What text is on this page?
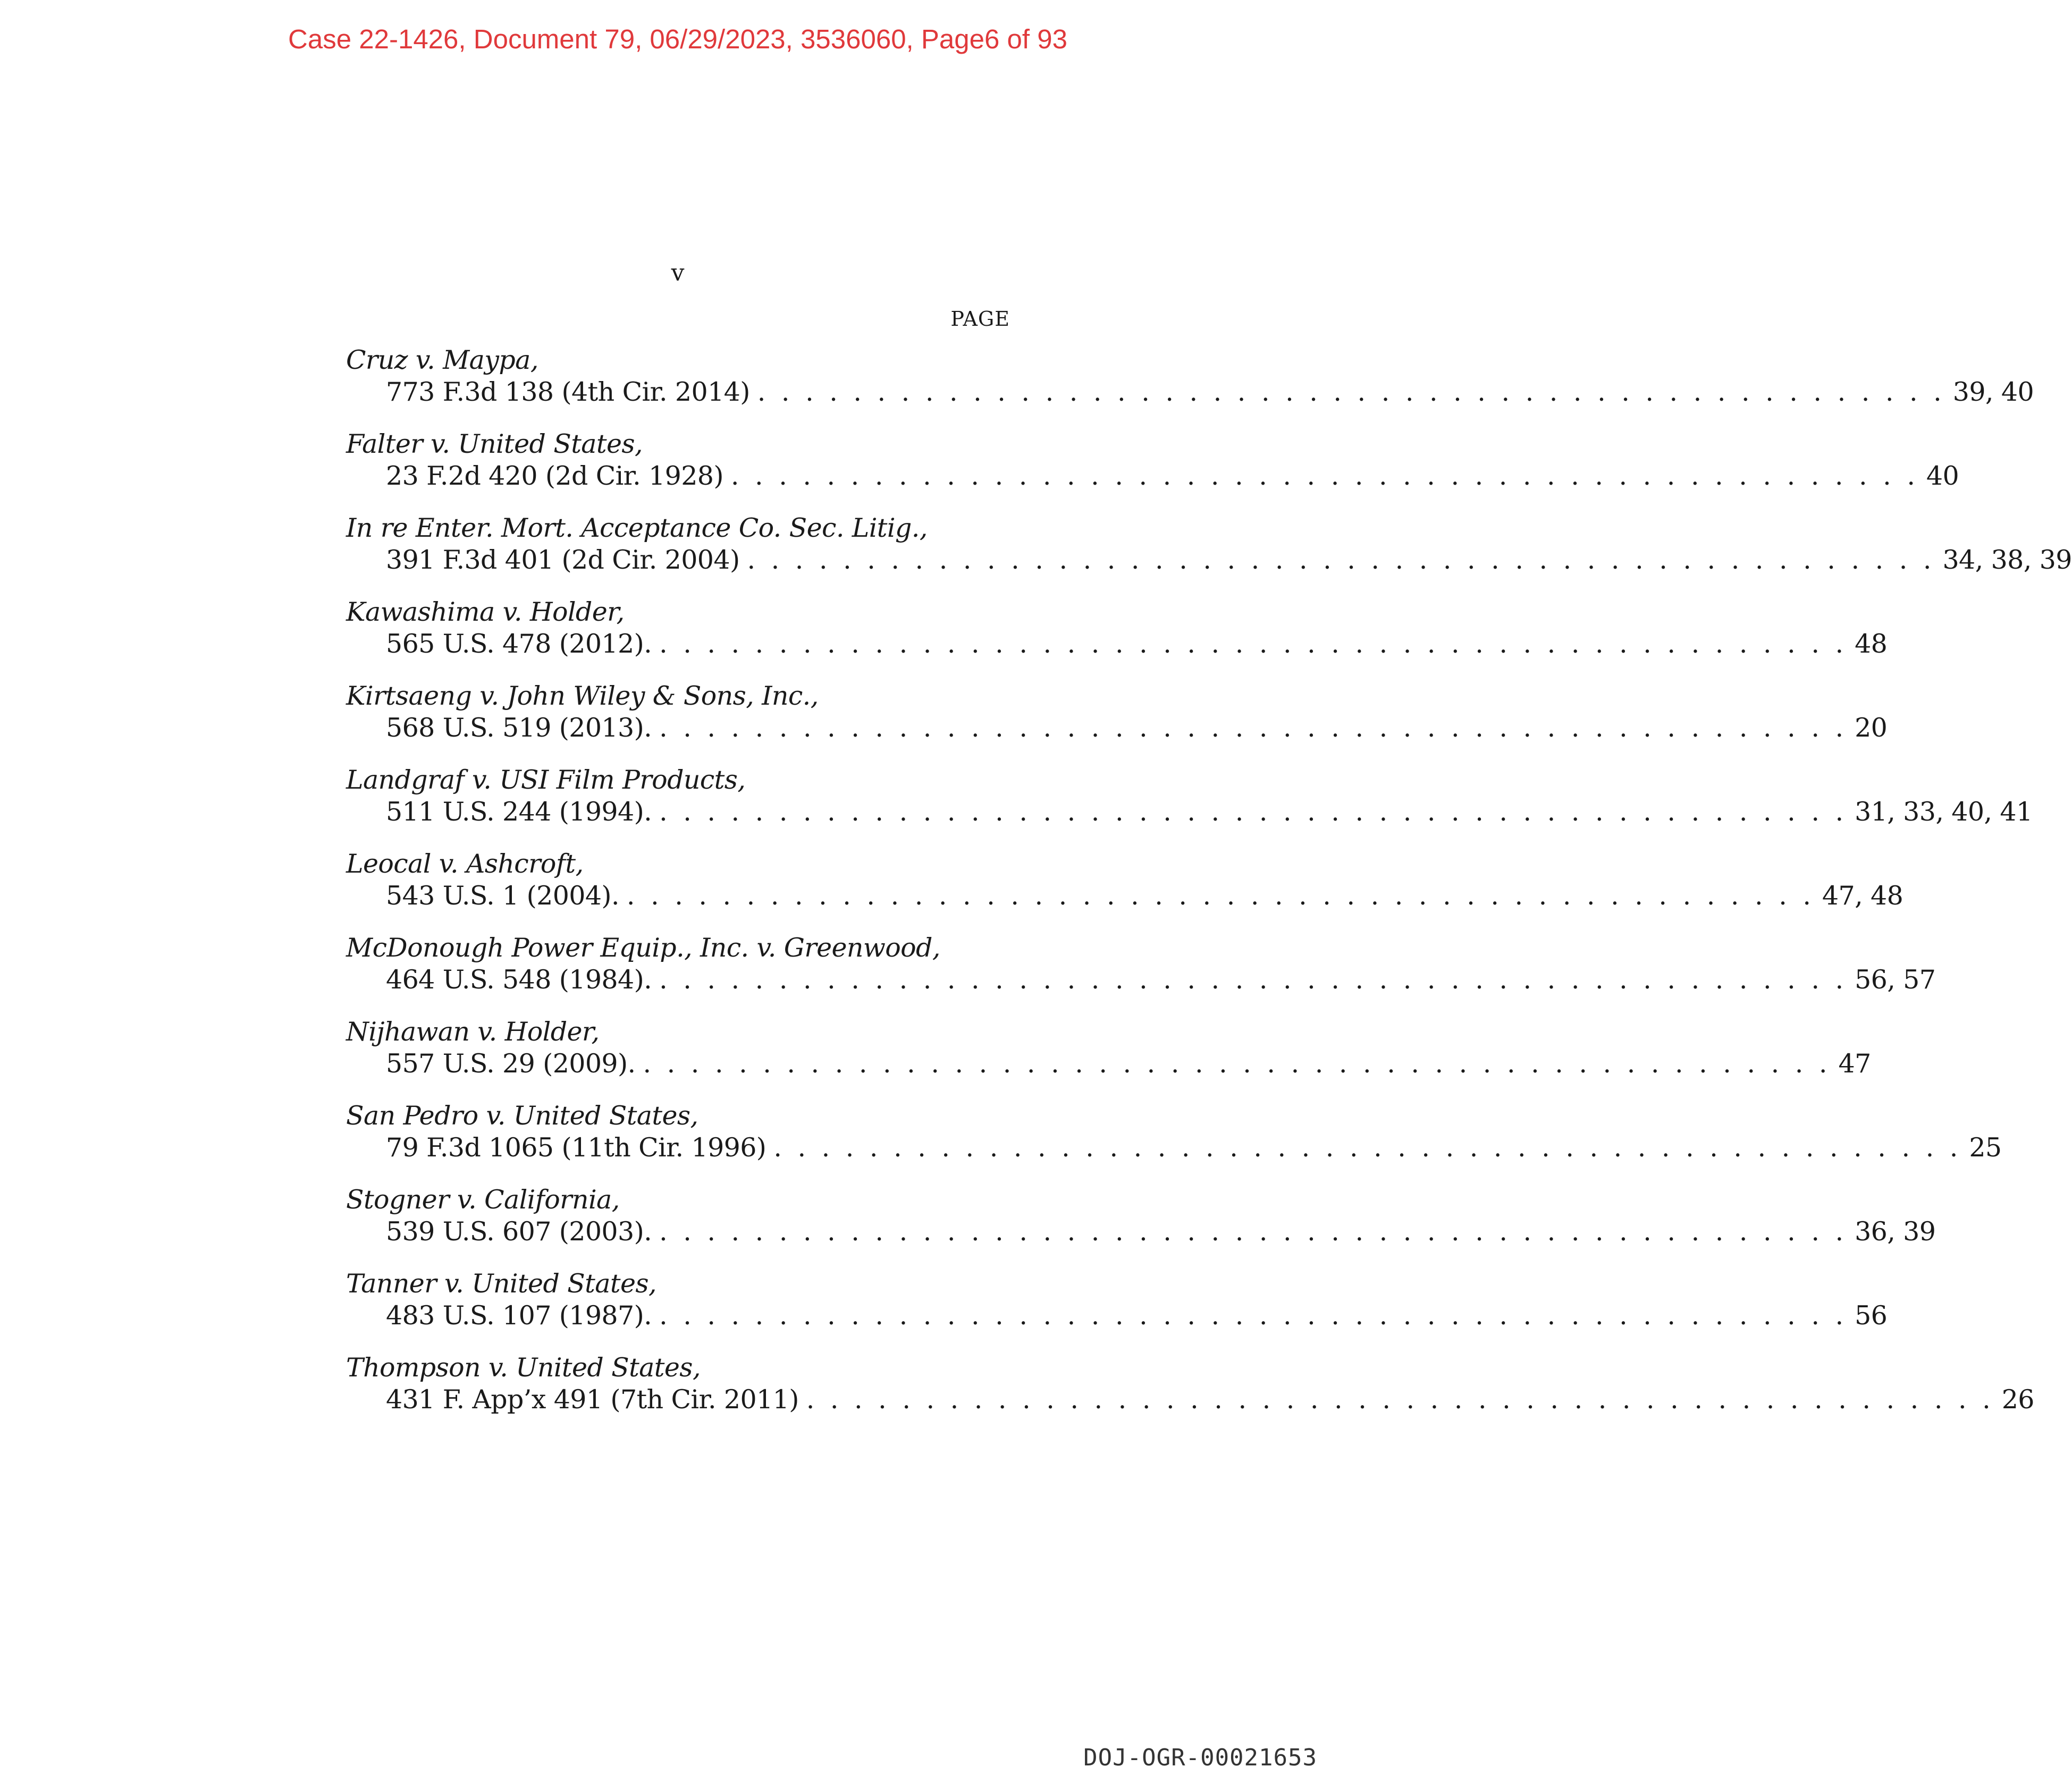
Case 22-1426, Document 79, 06/29/2023, 3536060, Page6 of 93
v
PAGE
Cruz v. Maypa,
773 F.3d 138 (4th Cir. 2014) . . . . . . . . . . . . . . . . . . . . . . . . . . . . . . . . . . . . . . . . . . . . . . . . . . 39, 40
Falter v. United States,
23 F.2d 420 (2d Cir. 1928) . . . . . . . . . . . . . . . . . . . . . . . . . . . . . . . . . . . . . . . . . . . . . . . . . . 40
In re Enter. Mort. Acceptance Co. Sec. Litig.,
391 F.3d 401 (2d Cir. 2004) . . . . . . . . . . . . . . . . . . . . . . . . . . . . . . . . . . . . . . . . . . . . . . . . . . 34, 38, 39
Kawashima v. Holder,
565 U.S. 478 (2012). . . . . . . . . . . . . . . . . . . . . . . . . . . . . . . . . . . . . . . . . . . . . . . . . . . 48
Kirtsaeng v. John Wiley & Sons, Inc.,
568 U.S. 519 (2013). . . . . . . . . . . . . . . . . . . . . . . . . . . . . . . . . . . . . . . . . . . . . . . . . . . 20
Landgraf v. USI Film Products,
511 U.S. 244 (1994). . . . . . . . . . . . . . . . . . . . . . . . . . . . . . . . . . . . . . . . . . . . . . . . . . . 31, 33, 40, 41
Leocal v. Ashcroft,
543 U.S. 1 (2004). . . . . . . . . . . . . . . . . . . . . . . . . . . . . . . . . . . . . . . . . . . . . . . . . . . 47, 48
McDonough Power Equip., Inc. v. Greenwood,
464 U.S. 548 (1984). . . . . . . . . . . . . . . . . . . . . . . . . . . . . . . . . . . . . . . . . . . . . . . . . . . 56, 57
Nijhawan v. Holder,
557 U.S. 29 (2009). . . . . . . . . . . . . . . . . . . . . . . . . . . . . . . . . . . . . . . . . . . . . . . . . . . 47
San Pedro v. United States,
79 F.3d 1065 (11th Cir. 1996) . . . . . . . . . . . . . . . . . . . . . . . . . . . . . . . . . . . . . . . . . . . . . . . . . . 25
Stogner v. California,
539 U.S. 607 (2003). . . . . . . . . . . . . . . . . . . . . . . . . . . . . . . . . . . . . . . . . . . . . . . . . . . 36, 39
Tanner v. United States,
483 U.S. 107 (1987). . . . . . . . . . . . . . . . . . . . . . . . . . . . . . . . . . . . . . . . . . . . . . . . . . . 56
Thompson v. United States,
431 F. App’x 491 (7th Cir. 2011) . . . . . . . . . . . . . . . . . . . . . . . . . . . . . . . . . . . . . . . . . . . . . . . . . . 26
DOJ-OGR-00021653
